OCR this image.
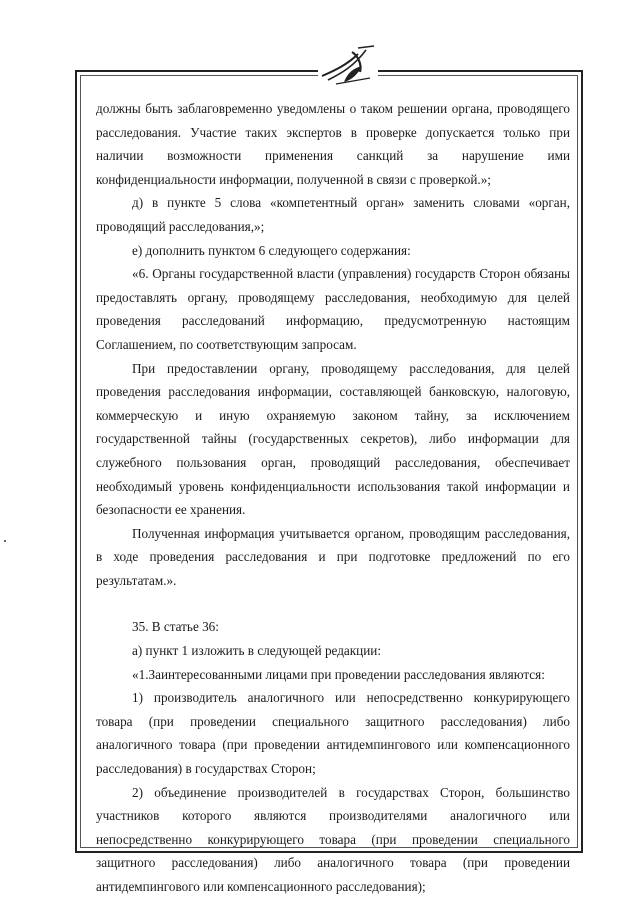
должны быть заблаговременно уведомлены о таком решении органа, проводящего расследования. Участие таких экспертов в проверке допускается только при наличии возможности применения санкций за нарушение ими конфиденциальности информации, полученной в связи с проверкой.»;

д) в пункте 5 слова «компетентный орган» заменить словами «орган, проводящий расследования,»;

е) дополнить пунктом 6 следующего содержания:

«6. Органы государственной власти (управления) государств Сторон обязаны предоставлять органу, проводящему расследования, необходимую для целей проведения расследований информацию, предусмотренную настоящим Соглашением, по соответствующим запросам.

При предоставлении органу, проводящему расследования, для целей проведения расследования информации, составляющей банковскую, налоговую, коммерческую и иную охраняемую законом тайну, за исключением государственной тайны (государственных секретов), либо информации для служебного пользования орган, проводящий расследования, обеспечивает необходимый уровень конфиденциальности использования такой информации и безопасности ее хранения.

Полученная информация учитывается органом, проводящим расследования, в ходе проведения расследования и при подготовке предложений по его результатам.».

35. В статье 36:

а) пункт 1 изложить в следующей редакции:

«1.Заинтересованными лицами при проведении расследования являются:

1) производитель аналогичного или непосредственно конкурирующего товара (при проведении специального защитного расследования) либо аналогичного товара (при проведении антидемпингового или компенсационного расследования) в государствах Сторон;

2) объединение производителей в государствах Сторон, большинство участников которого являются производителями аналогичного или непосредственно конкурирующего товара (при проведении специального защитного расследования) либо аналогичного товара (при проведении антидемпингового или компенсационного расследования);
